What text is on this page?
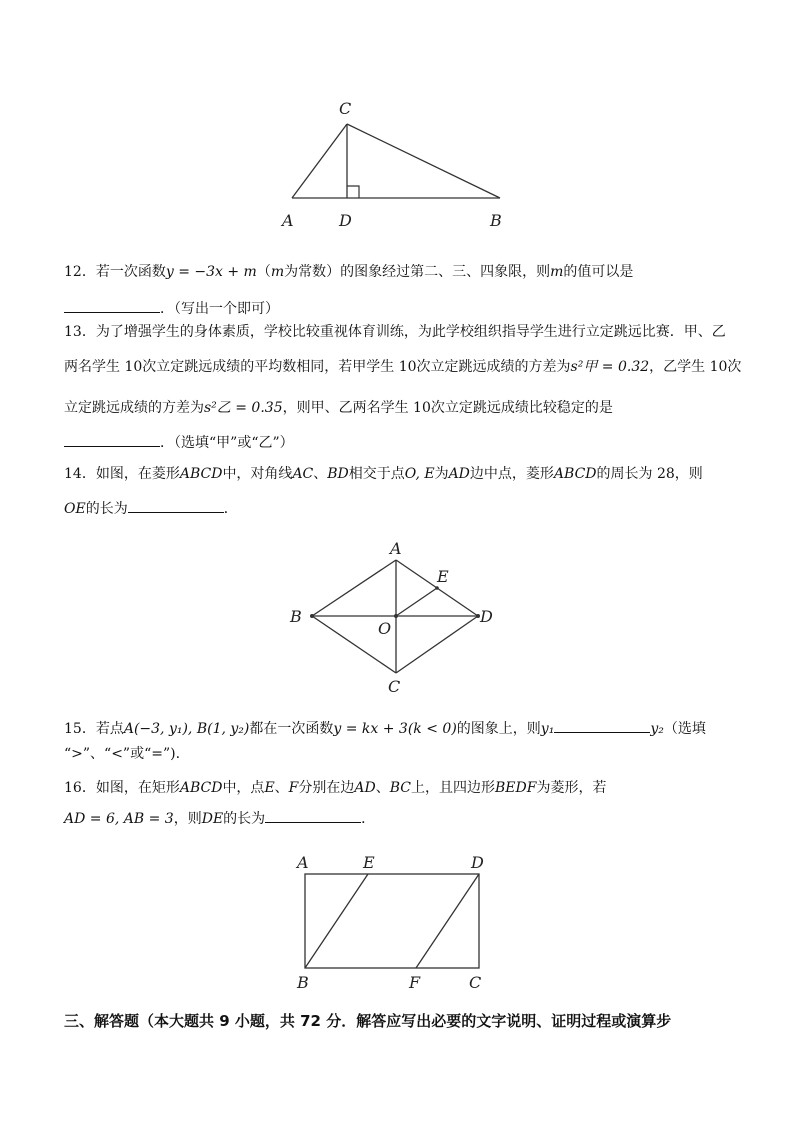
C
A	D	B
12．若一次函数y = −3x + m（m为常数）的图象经过第二、三、四象限，则m的值可以是
．（写出一个即可）
13．为了增强学生的身体素质，学校比较重视体育训练，为此学校组织指导学生进行立定跳远比赛．甲、乙
两名学生 10次立定跳远成绩的平均数相同，若甲学生 10次立定跳远成绩的方差为s²甲 = 0.32，乙学生 10次
立定跳远成绩的方差为s²乙 = 0.35，则甲、乙两名学生 10次立定跳远成绩比较稳定的是
．（选填“甲”或“乙”）
14．如图，在菱形ABCD中，对角线AC、BD相交于点O, E为AD边中点，菱形ABCD的周长为 28，则
OE的长为	．
A
B
C
D
E
O
15．若点A(−3, y₁), B(1, y₂)都在一次函数y = kx + 3(k < 0)的图象上，则y₁	y₂（选填
“>”、“<”或“=”).
16．如图，在矩形ABCD中，点E、F分别在边AD、BC上，且四边形BEDF为菱形，若
AD = 6, AB = 3，则DE的长为	．
A	E	D
B	F	C
三、解答题（本大题共 9 小题，共 72 分．解答应写出必要的文字说明、证明过程或演算步
